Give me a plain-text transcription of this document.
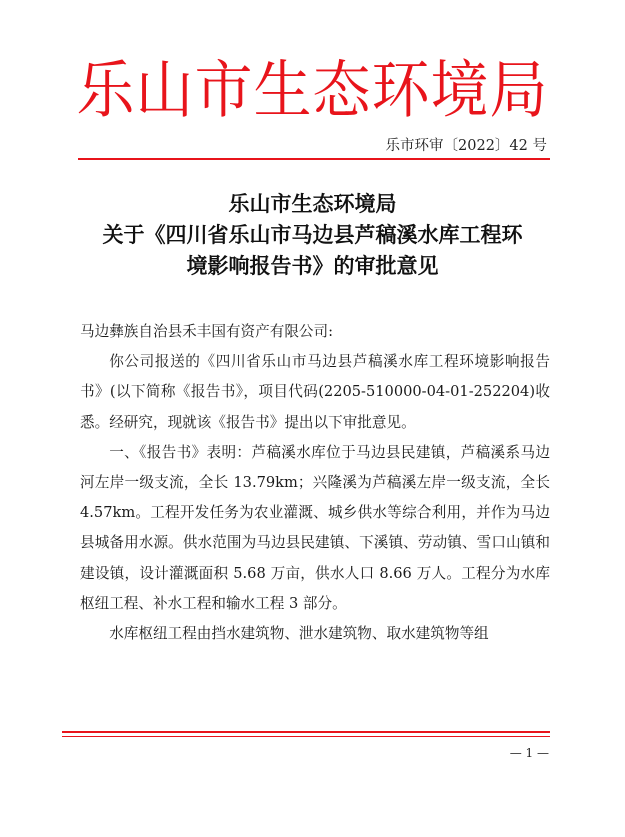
乐山市生态环境局
乐市环审〔2022〕42 号
乐山市生态环境局
关于《四川省乐山市马边县芦稿溪水库工程环
境影响报告书》的审批意见

马边彝族自治县禾丰国有资产有限公司:

你公司报送的《四川省乐山市马边县芦稿溪水库工程环境影响报告书》(以下简称《报告书》，项目代码(2205-510000-04-01-252204)收悉。经研究，现就该《报告书》提出以下审批意见。

一、《报告书》表明：芦稿溪水库位于马边县民建镇，芦稿溪系马边河左岸一级支流，全长 13.79km；兴隆溪为芦稿溪左岸一级支流，全长 4.57km。工程开发任务为农业灌溉、城乡供水等综合利用，并作为马边县城备用水源。供水范围为马边县民建镇、下溪镇、劳动镇、雪口山镇和建设镇，设计灌溉面积 5.68 万亩，供水人口 8.66 万人。工程分为水库枢纽工程、补水工程和输水工程 3 部分。

水库枢纽工程由挡水建筑物、泄水建筑物、取水建筑物等组

— 1 —
